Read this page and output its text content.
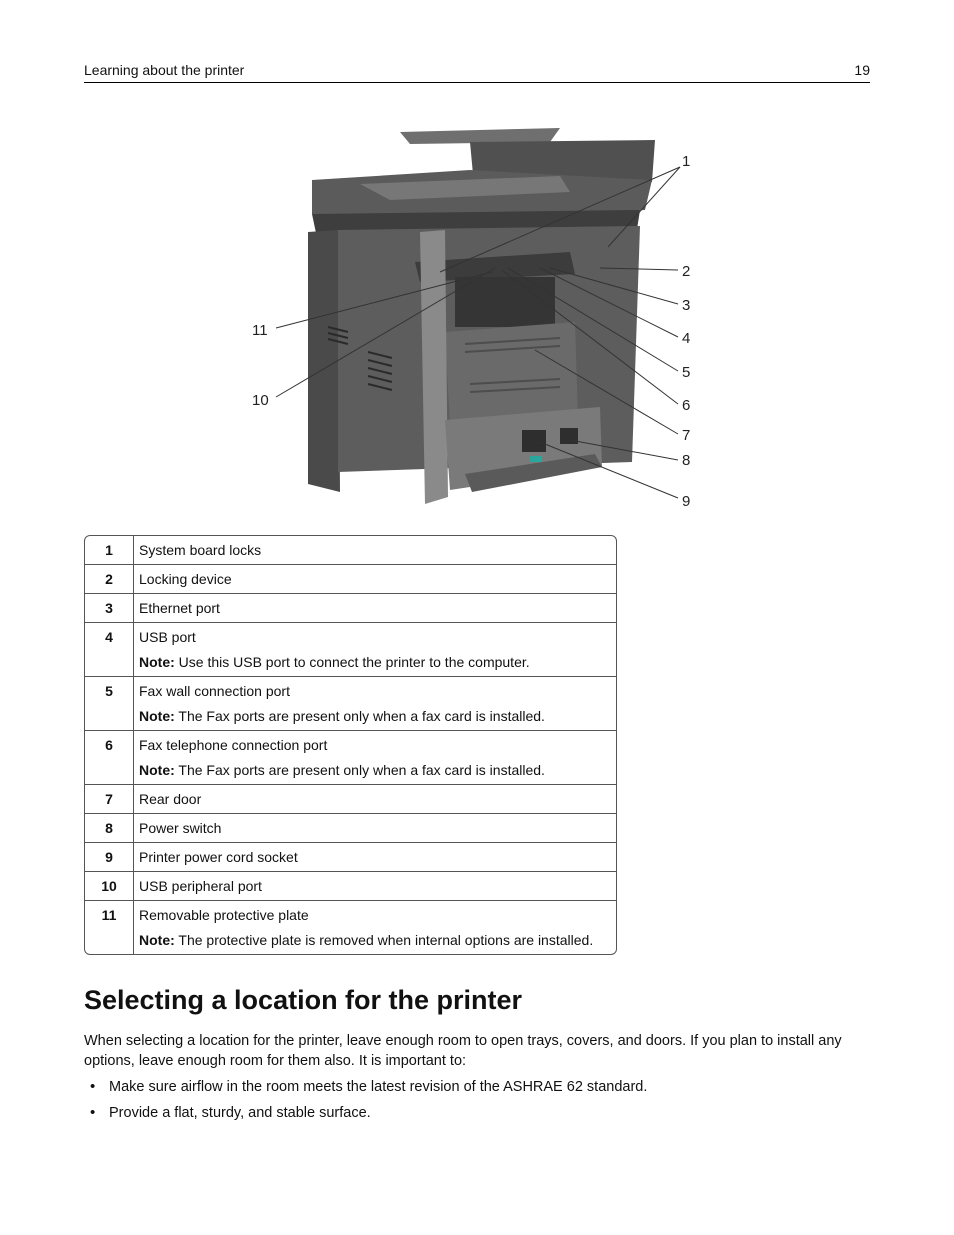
Learning about the printer	19
1
2
3
4
5
6
7
8
9
10
11
1	System board locks

2	Locking device

3	Ethernet port

4	USB port
Note: Use this USB port to connect the printer to the computer.

5	Fax wall connection port
Note: The Fax ports are present only when a fax card is installed.

6	Fax telephone connection port
Note: The Fax ports are present only when a fax card is installed.

7	Rear door

8	Power switch

9	Printer power cord socket

10	USB peripheral port

11	Removable protective plate
Note: The protective plate is removed when internal options are installed.
Selecting a location for the printer

When selecting a location for the printer, leave enough room to open trays, covers, and doors. If you plan to install any options, leave enough room for them also. It is important to:

• Make sure airflow in the room meets the latest revision of the ASHRAE 62 standard.
• Provide a flat, sturdy, and stable surface.
